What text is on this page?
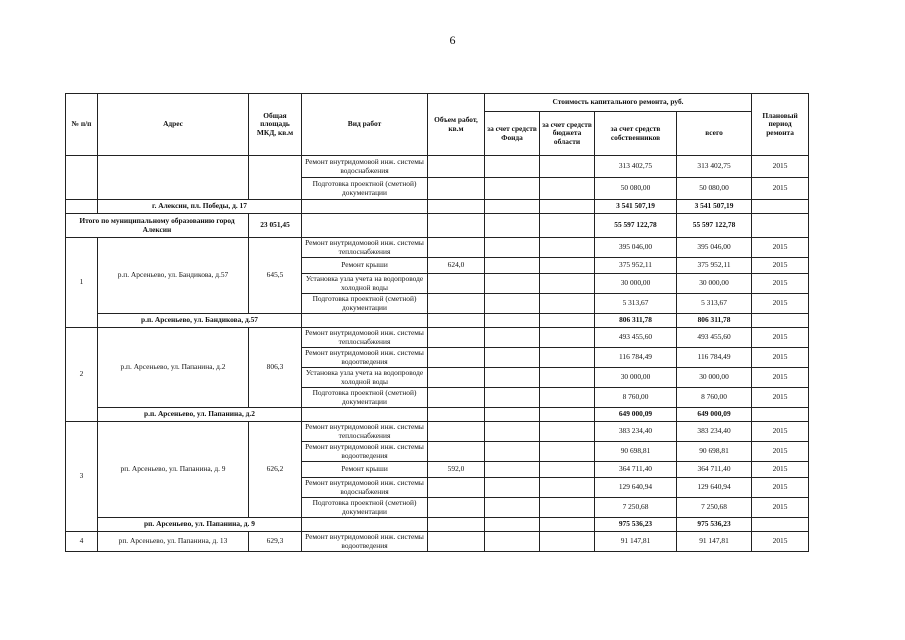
6
№ п/п	Адрес	Общая площадь МКД, кв.м	Вид работ	Объем работ, кв.м	Стоимость капитального ремонта, руб.				Плановый период ремонта
					за счет средств Фонда	за счет средств бюджета области	за счет средств собственников	всего	
			Ремонт внутридомовой инж. системы водоснабжения				313 402,75	313 402,75	2015
			Подготовка проектной (сметной) документации				50 080,00	50 080,00	2015
	г. Алексин, пл. Победы, д. 17						3 541 507,19	3 541 507,19	
Итого по муниципальному образованию город Алексин		23 051,45					55 597 122,78	55 597 122,78	
1	р.п. Арсеньево, ул. Бандикова, д.57	645,5	Ремонт внутридомовой инж. системы теплоснабжения				395 046,00	395 046,00	2015
			Ремонт крыши	624,0			375 952,11	375 952,11	2015
			Установка узла учета на водопроводе холодной воды				30 000,00	30 000,00	2015
			Подготовка проектной (сметной) документации				5 313,67	5 313,67	2015
	р.п. Арсеньево, ул. Бандикова, д.57						806 311,78	806 311,78	
2	р.п. Арсеньево, ул. Папанина, д.2	806,3	Ремонт внутридомовой инж. системы теплоснабжения				493 455,60	493 455,60	2015
			Ремонт внутридомовой инж. системы водоотведения				116 784,49	116 784,49	2015
			Установка узла учета на водопроводе холодной воды				30 000,00	30 000,00	2015
			Подготовка проектной (сметной) документации				8 760,00	8 760,00	2015
	р.п. Арсеньево, ул. Папанина, д.2						649 000,09	649 000,09	
3	рп. Арсеньево, ул. Папанина, д. 9	626,2	Ремонт внутридомовой инж. системы теплоснабжения				383 234,40	383 234,40	2015
			Ремонт внутридомовой инж. системы водоотведения				90 698,81	90 698,81	2015
			Ремонт крыши	592,0			364 711,40	364 711,40	2015
			Ремонт внутридомовой инж. системы водоснабжения				129 640,94	129 640,94	2015
			Подготовка проектной (сметной) документации				7 250,68	7 250,68	2015
	рп. Арсеньево, ул. Папанина, д. 9						975 536,23	975 536,23	
4	рп. Арсеньево, ул. Папанина, д. 13	629,3	Ремонт внутридомовой инж. системы водоотведения				91 147,81	91 147,81	2015
